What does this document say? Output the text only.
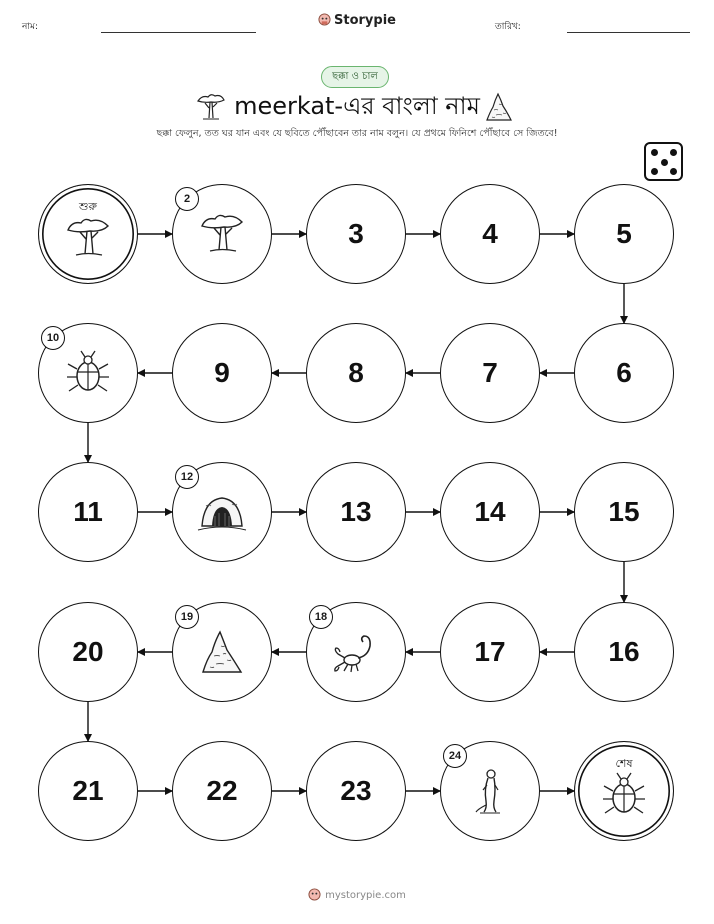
নাম:	Storypie	তারিখ:
ছক্কা ও চাল
meerkat-এর বাংলা নাম
ছক্কা ফেলুন, তত ঘর যান এবং যে ছবিতে পৌঁছাবেন তার নাম বলুন। যে প্রথমে ফিনিশে পৌঁছাবে সে জিতবে!
শুরু
2
3	4	5
6
7
8
9
10
11
12
13	14	15
16
17
18
19
20
21	22	23
24
শেষ
mystorypie.com
